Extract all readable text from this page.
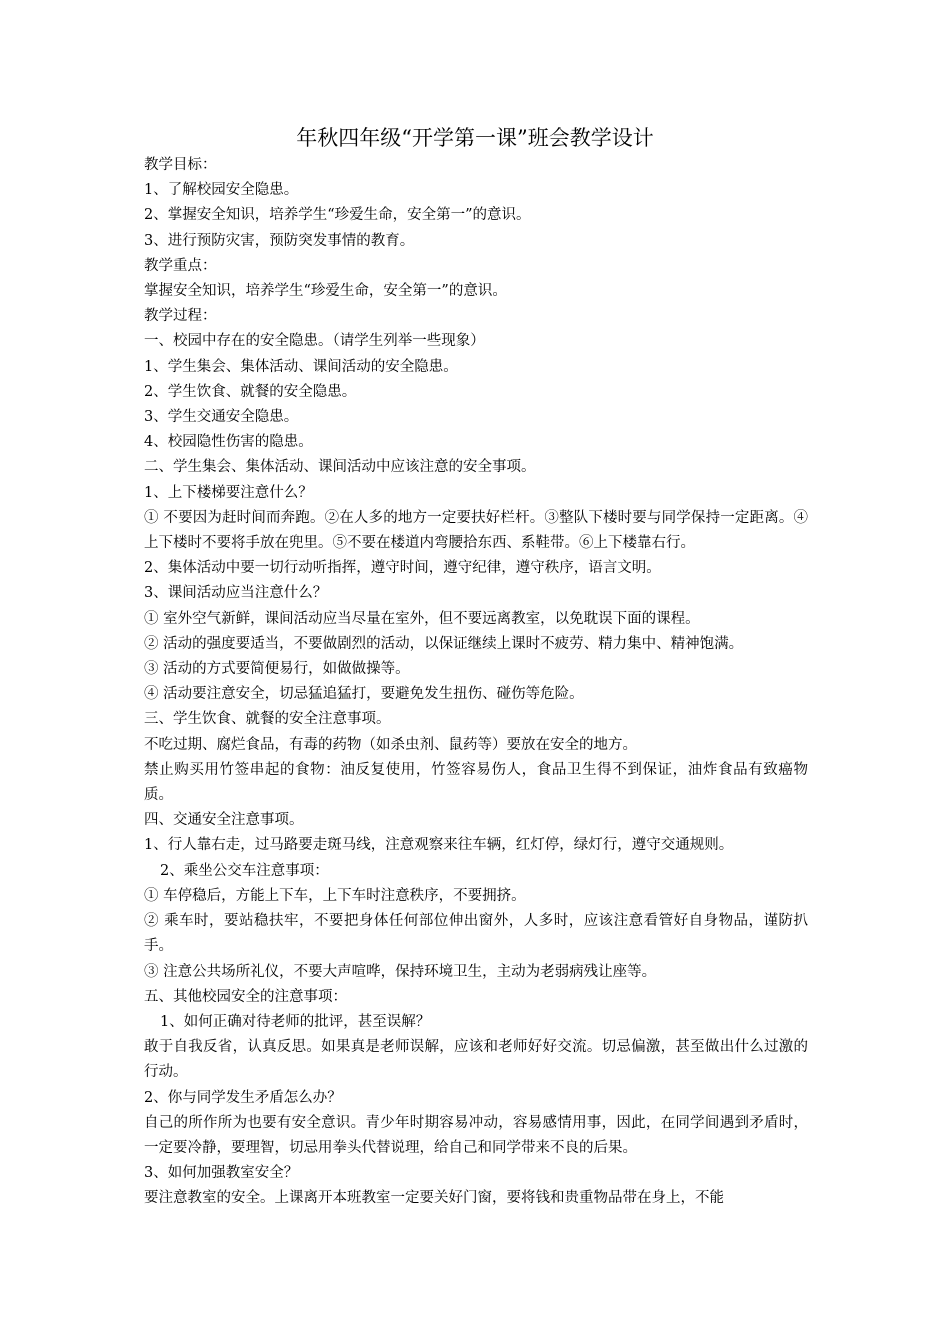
年秋四年级“开学第一课”班会教学设计

教学目标：

1、了解校园安全隐患。

2、掌握安全知识，培养学生“珍爱生命，安全第一”的意识。

3、进行预防灾害，预防突发事情的教育。

教学重点：

掌握安全知识，培养学生“珍爱生命，安全第一”的意识。

教学过程：

一、校园中存在的安全隐患。（请学生列举一些现象）

1、学生集会、集体活动、课间活动的安全隐患。

2、学生饮食、就餐的安全隐患。

3、学生交通安全隐患。

4、校园隐性伤害的隐患。

二、学生集会、集体活动、课间活动中应该注意的安全事项。

1、上下楼梯要注意什么？

① 不要因为赶时间而奔跑。②在人多的地方一定要扶好栏杆。③整队下楼时要与同学保持一定距离。④上下楼时不要将手放在兜里。⑤不要在楼道内弯腰拾东西、系鞋带。⑥上下楼靠右行。

2、集体活动中要一切行动听指挥，遵守时间，遵守纪律，遵守秩序，语言文明。

3、课间活动应当注意什么？

① 室外空气新鲜，课间活动应当尽量在室外，但不要远离教室，以免耽误下面的课程。

② 活动的强度要适当，不要做剧烈的活动，以保证继续上课时不疲劳、精力集中、精神饱满。

③ 活动的方式要简便易行，如做做操等。

④ 活动要注意安全，切忌猛追猛打，要避免发生扭伤、碰伤等危险。

三、学生饮食、就餐的安全注意事项。

不吃过期、腐烂食品，有毒的药物（如杀虫剂、鼠药等）要放在安全的地方。

禁止购买用竹签串起的食物：油反复使用，竹签容易伤人，食品卫生得不到保证，油炸食品有致癌物质。

四、交通安全注意事项。

1、行人靠右走，过马路要走斑马线，注意观察来往车辆，红灯停，绿灯行，遵守交通规则。

2、乘坐公交车注意事项：

① 车停稳后，方能上下车，上下车时注意秩序，不要拥挤。

② 乘车时，要站稳扶牢，不要把身体任何部位伸出窗外，人多时，应该注意看管好自身物品，谨防扒手。

③ 注意公共场所礼仪，不要大声喧哗，保持环境卫生，主动为老弱病残让座等。

五、其他校园安全的注意事项：

1、如何正确对待老师的批评，甚至误解？

敢于自我反省，认真反思。如果真是老师误解，应该和老师好好交流。切忌偏激，甚至做出什么过激的行动。

2、你与同学发生矛盾怎么办？

自己的所作所为也要有安全意识。青少年时期容易冲动，容易感情用事，因此，在同学间遇到矛盾时，一定要冷静，要理智，切忌用拳头代替说理，给自己和同学带来不良的后果。

3、如何加强教室安全？

要注意教室的安全。上课离开本班教室一定要关好门窗，要将钱和贵重物品带在身上，不能
